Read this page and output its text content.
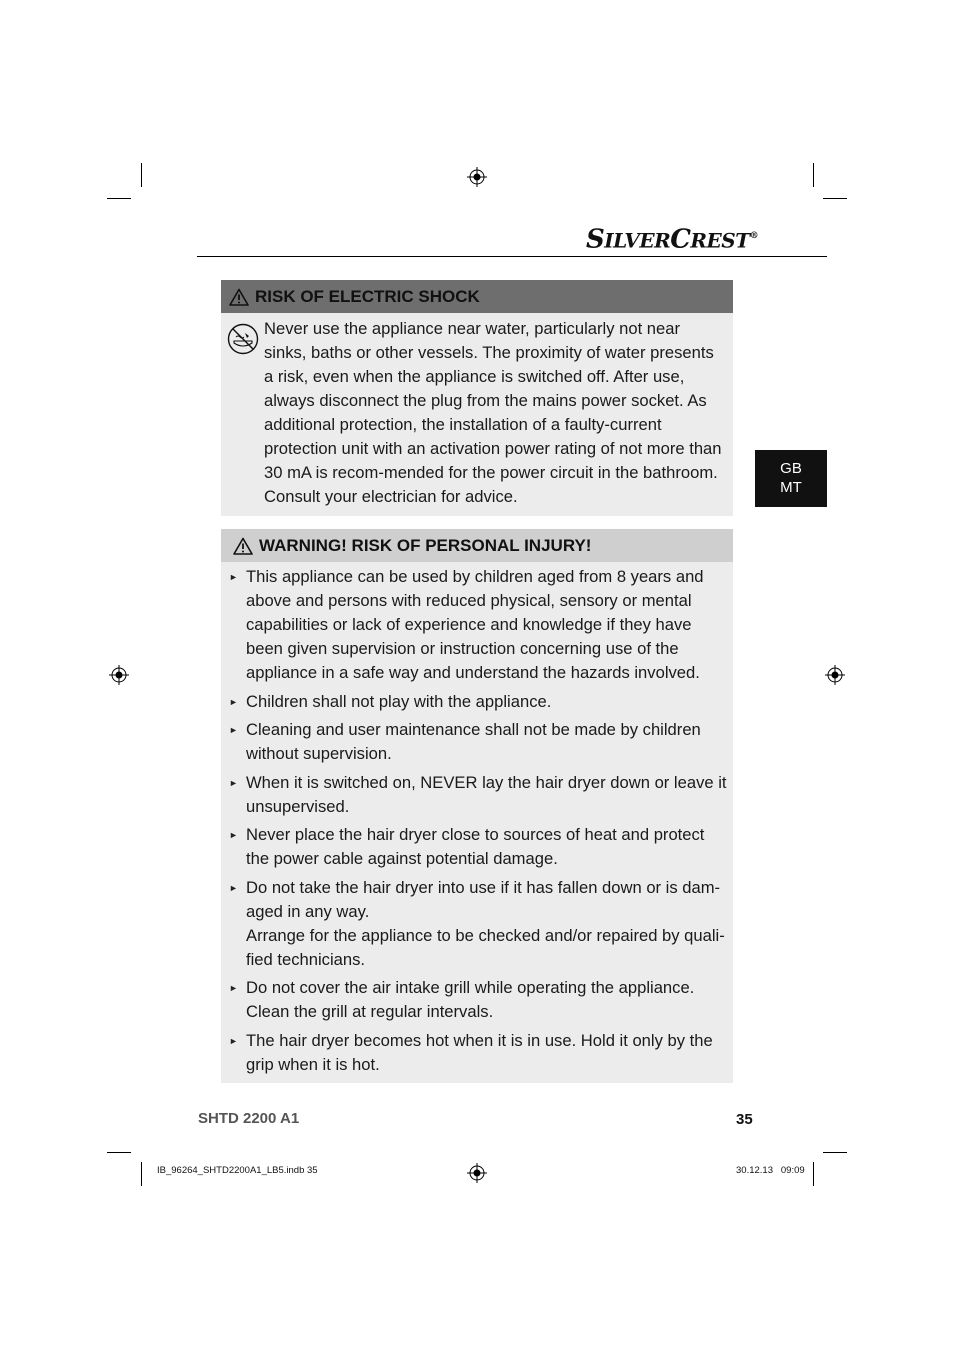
SILVERCREST®
GB
MT
RISK OF ELECTRIC SHOCK

Never use the appliance near water, particularly not near sinks, baths or other vessels. The proximity of water presents a risk, even when the appliance is switched off. After use, always disconnect the plug from the mains power socket. As additional protection, the installation of a faulty-current protection unit with an activation power rating of not more than 30 mA is recom-mended for the power circuit in the bathroom. Consult your electrician for advice.

WARNING! RISK OF PERSONAL INJURY!
► This appliance can be used by children aged from 8 years and above and persons with reduced physical, sensory or mental capabilities or lack of experience and knowledge if they have been given supervision or instruction concerning use of the appliance in a safe way and understand the hazards involved.
► Children shall not play with the appliance.
► Cleaning and user maintenance shall not be made by children without supervision.
► When it is switched on, NEVER lay the hair dryer down or leave it unsupervised.
► Never place the hair dryer close to sources of heat and protect the power cable against potential damage.
► Do not take the hair dryer into use if it has fallen down or is dam-aged in any way.
Arrange for the appliance to be checked and/or repaired by quali-fied technicians.
► Do not cover the air intake grill while operating the appliance. Clean the grill at regular intervals.
► The hair dryer becomes hot when it is in use. Hold it only by the grip when it is hot.
SHTD 2200 A1	35
IB_96264_SHTD2200A1_LB5.indb 35	30.12.13   09:09
